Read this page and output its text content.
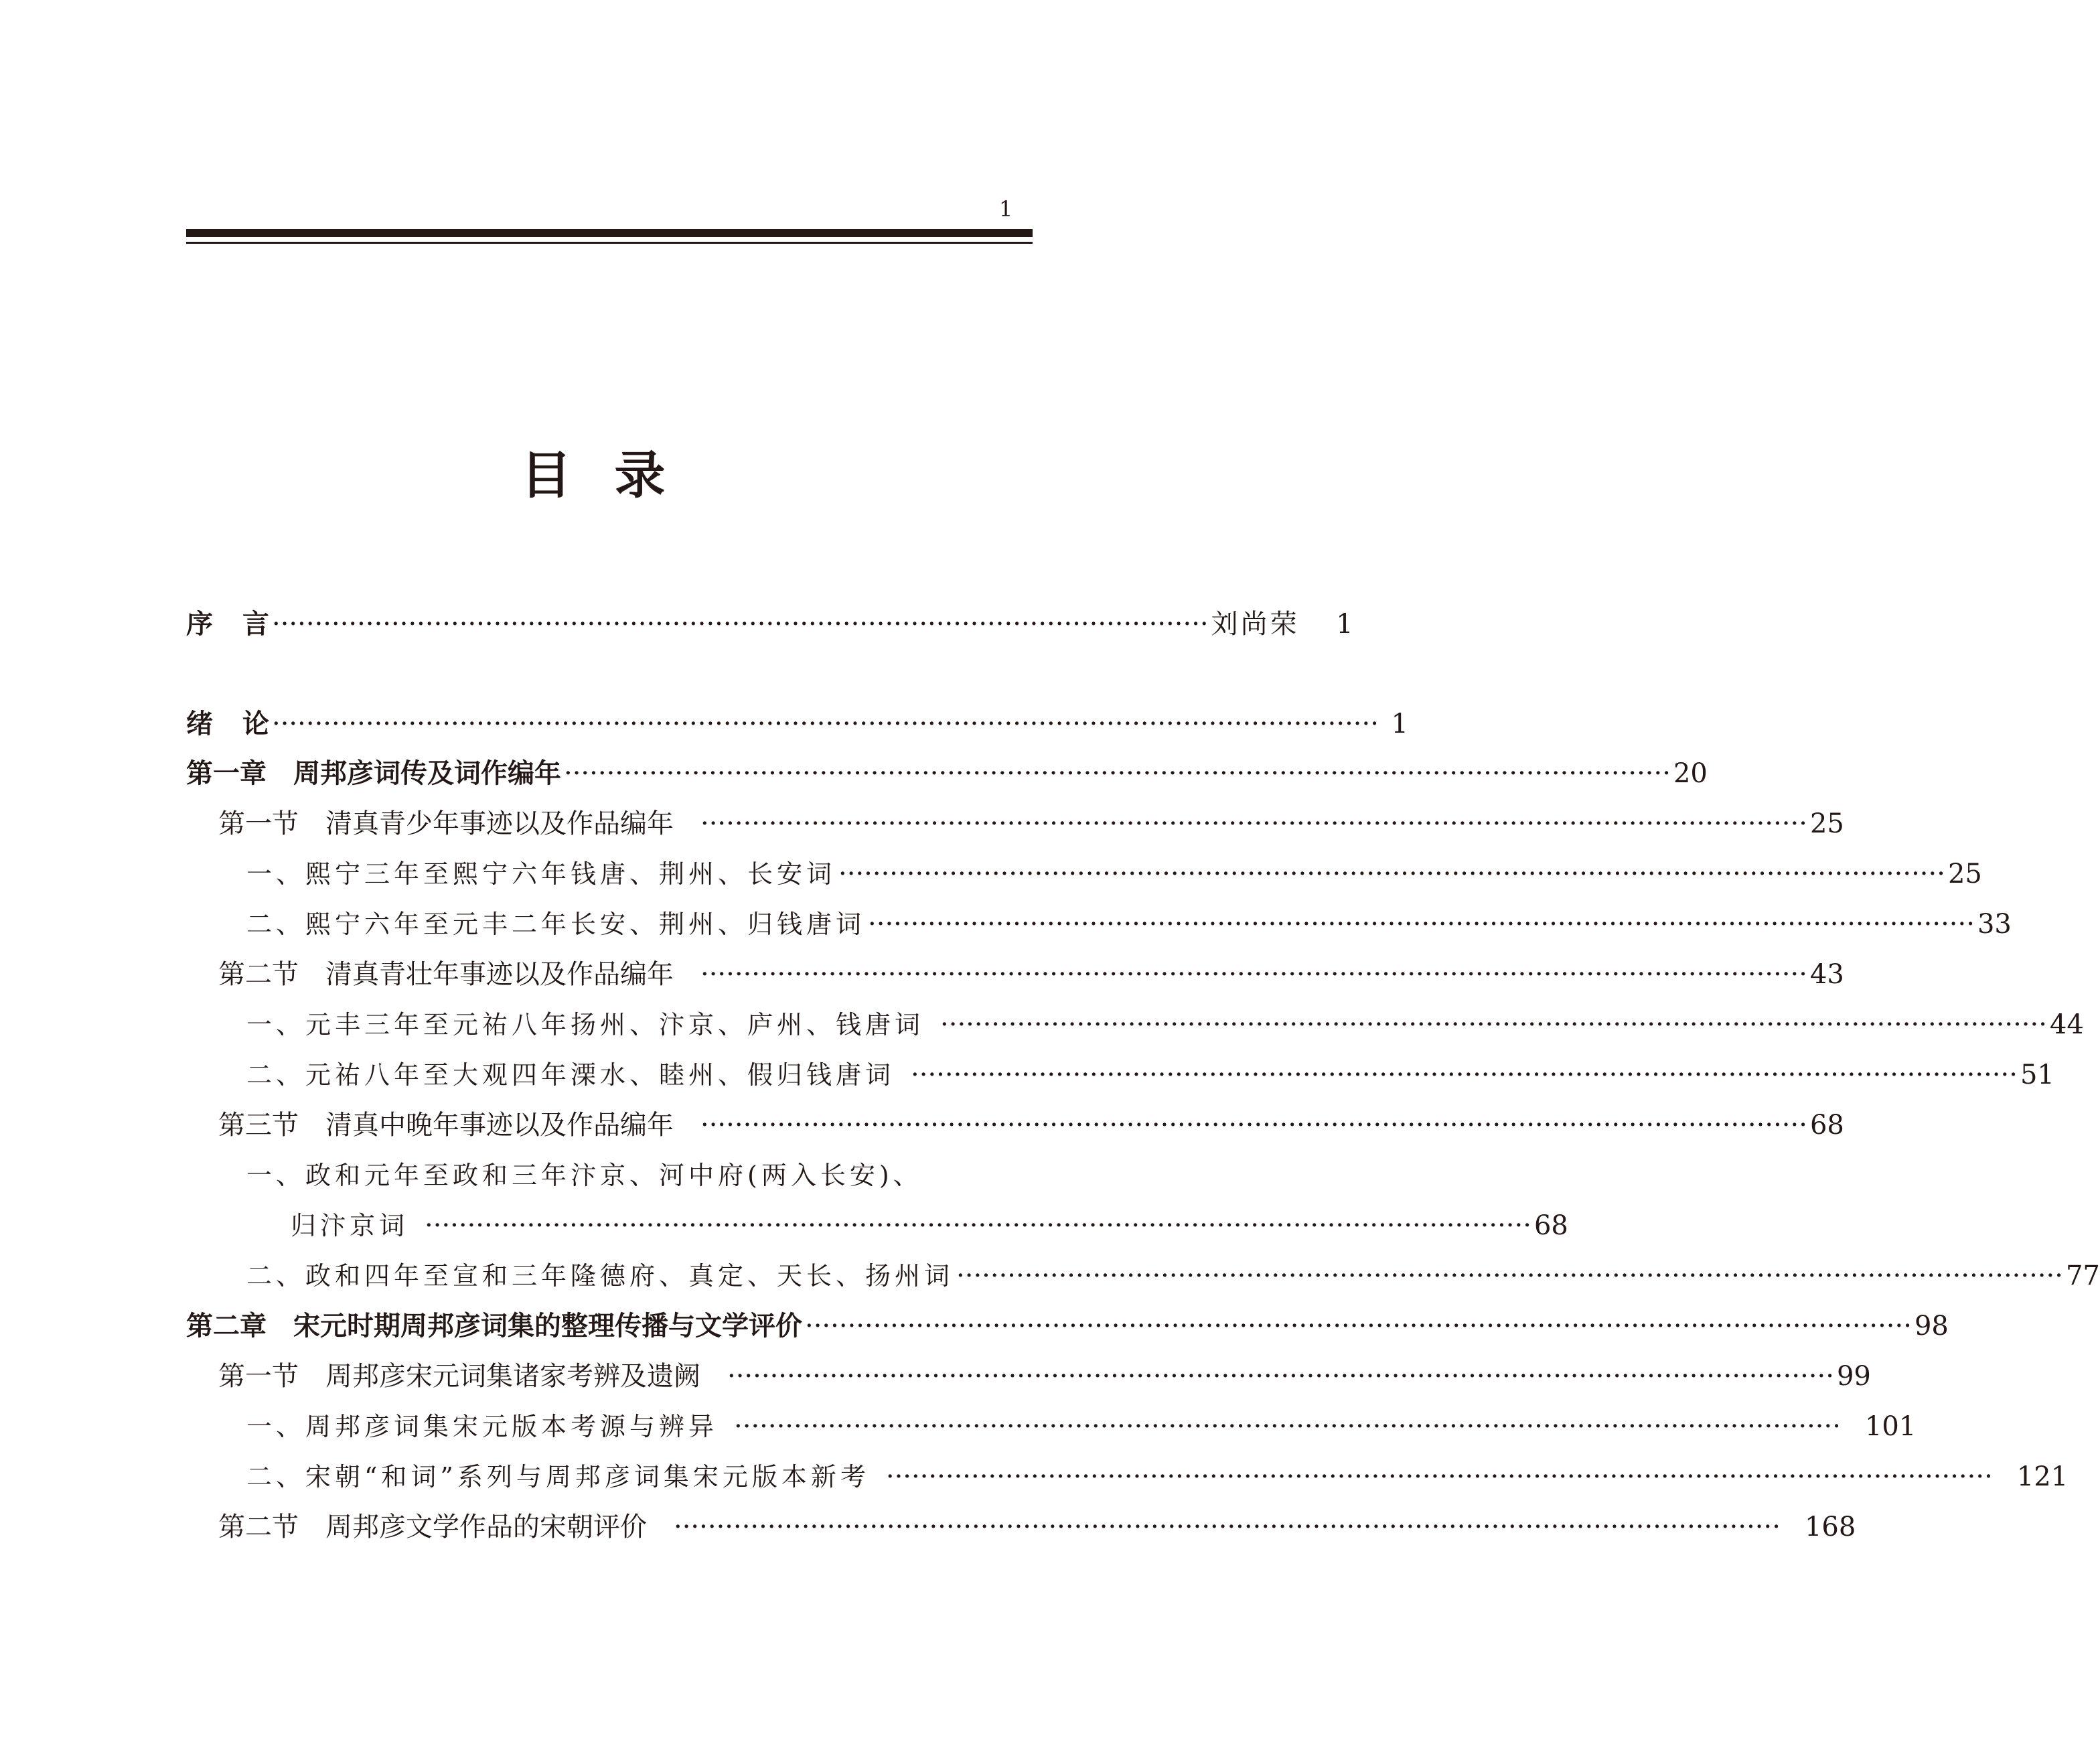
1
目 录
序 言 ·············································································································· 刘尚荣	1
绪 论 ·································································································································· 1
第一章 周邦彦词传及词作编年 ·································································································································· 20
第一节 清真青少年事迹以及作品编年 ·································································································································· 25
一、熙宁三年至熙宁六年钱唐、荆州、长安词 ·································································································································· 25
二、熙宁六年至元丰二年长安、荆州、归钱唐词 ·································································································································· 33
第二节 清真青壮年事迹以及作品编年 ·································································································································· 43
一、元丰三年至元祐八年扬州、汴京、庐州、钱唐词 ·································································································································· 44
二、元祐八年至大观四年溧水、睦州、假归钱唐词 ·································································································································· 51
第三节 清真中晚年事迹以及作品编年 ·································································································································· 68
一、政和元年至政和三年汴京、河中府(两入长安)、
归汴京词 ·································································································································· 68
二、政和四年至宣和三年隆德府、真定、天长、扬州词 ·································································································································· 77
第二章 宋元时期周邦彦词集的整理传播与文学评价 ·································································································································· 98
第一节 周邦彦宋元词集诸家考辨及遗阙 ·································································································································· 99
一、周邦彦词集宋元版本考源与辨异 ·································································································································· 101
二、宋朝“和词”系列与周邦彦词集宋元版本新考 ·································································································································· 121
第二节 周邦彦文学作品的宋朝评价 ·································································································································· 168
